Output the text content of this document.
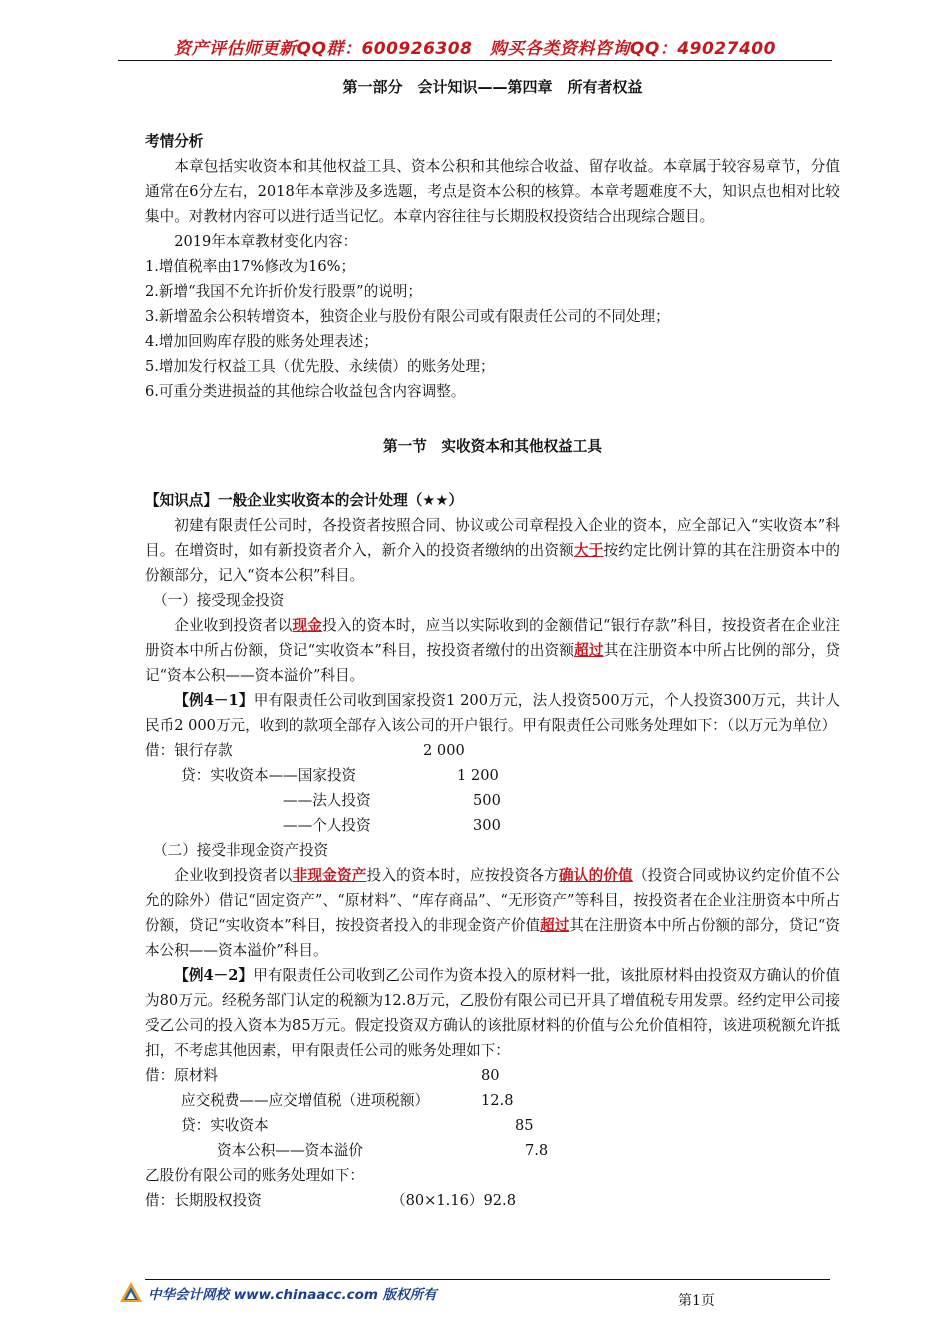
资产评估师更新QQ群：600926308　购买各类资料咨询QQ：49027400

第一部分　会计知识——第四章　所有者权益

考情分析

本章包括实收资本和其他权益工具、资本公积和其他综合收益、留存收益。本章属于较容易章节，分值通常在6分左右，2018年本章涉及多选题，考点是资本公积的核算。本章考题难度不大，知识点也相对比较集中。对教材内容可以进行适当记忆。本章内容往往与长期股权投资结合出现综合题目。

2019年本章教材变化内容：

1.增值税率由17%修改为16%；

2.新增“我国不允许折价发行股票”的说明；

3.新增盈余公积转增资本，独资企业与股份有限公司或有限责任公司的不同处理；

4.增加回购库存股的账务处理表述；

5.增加发行权益工具（优先股、永续债）的账务处理；

6.可重分类进损益的其他综合收益包含内容调整。

第一节　实收资本和其他权益工具

【知识点】一般企业实收资本的会计处理（★★）

初建有限责任公司时，各投资者按照合同、协议或公司章程投入企业的资本，应全部记入“实收资本”科目。在增资时，如有新投资者介入，新介入的投资者缴纳的出资额大于按约定比例计算的其在注册资本中的份额部分，记入“资本公积”科目。

（一）接受现金投资

企业收到投资者以现金投入的资本时，应当以实际收到的金额借记“银行存款”科目，按投资者在企业注册资本中所占份额，贷记“实收资本”科目，按投资者缴付的出资额超过其在注册资本中所占比例的部分，贷记“资本公积——资本溢价”科目。

【例4－1】甲有限责任公司收到国家投资1 200万元，法人投资500万元，个人投资300万元，共计人民币2 000万元，收到的款项全部存入该公司的开户银行。甲有限责任公司账务处理如下：（以万元为单位）

借：银行存款	2 000
贷：实收资本——国家投资	1 200
——法人投资	500
——个人投资	300

（二）接受非现金资产投资

企业收到投资者以非现金资产投入的资本时，应按投资各方确认的价值（投资合同或协议约定价值不公允的除外）借记“固定资产”、“原材料”、“库存商品”、“无形资产”等科目，按投资者在企业注册资本中所占份额，贷记“实收资本”科目，按投资者投入的非现金资产价值超过其在注册资本中所占份额的部分，贷记“资本公积——资本溢价”科目。

【例4－2】甲有限责任公司收到乙公司作为资本投入的原材料一批，该批原材料由投资双方确认的价值为80万元。经税务部门认定的税额为12.8万元，乙股份有限公司已开具了增值税专用发票。经约定甲公司接受乙公司的投入资本为85万元。假定投资双方确认的该批原材料的价值与公允价值相符，该进项税额允许抵扣，不考虑其他因素，甲有限责任公司的账务处理如下：

借：原材料	80
应交税费——应交增值税（进项税额）	12.8
贷：实收资本	85
资本公积——资本溢价	7.8

乙股份有限公司的账务处理如下：

借：长期股权投资	（80×1.16）92.8
中华会计网校 www.chinaacc.com 版权所有	第1页
